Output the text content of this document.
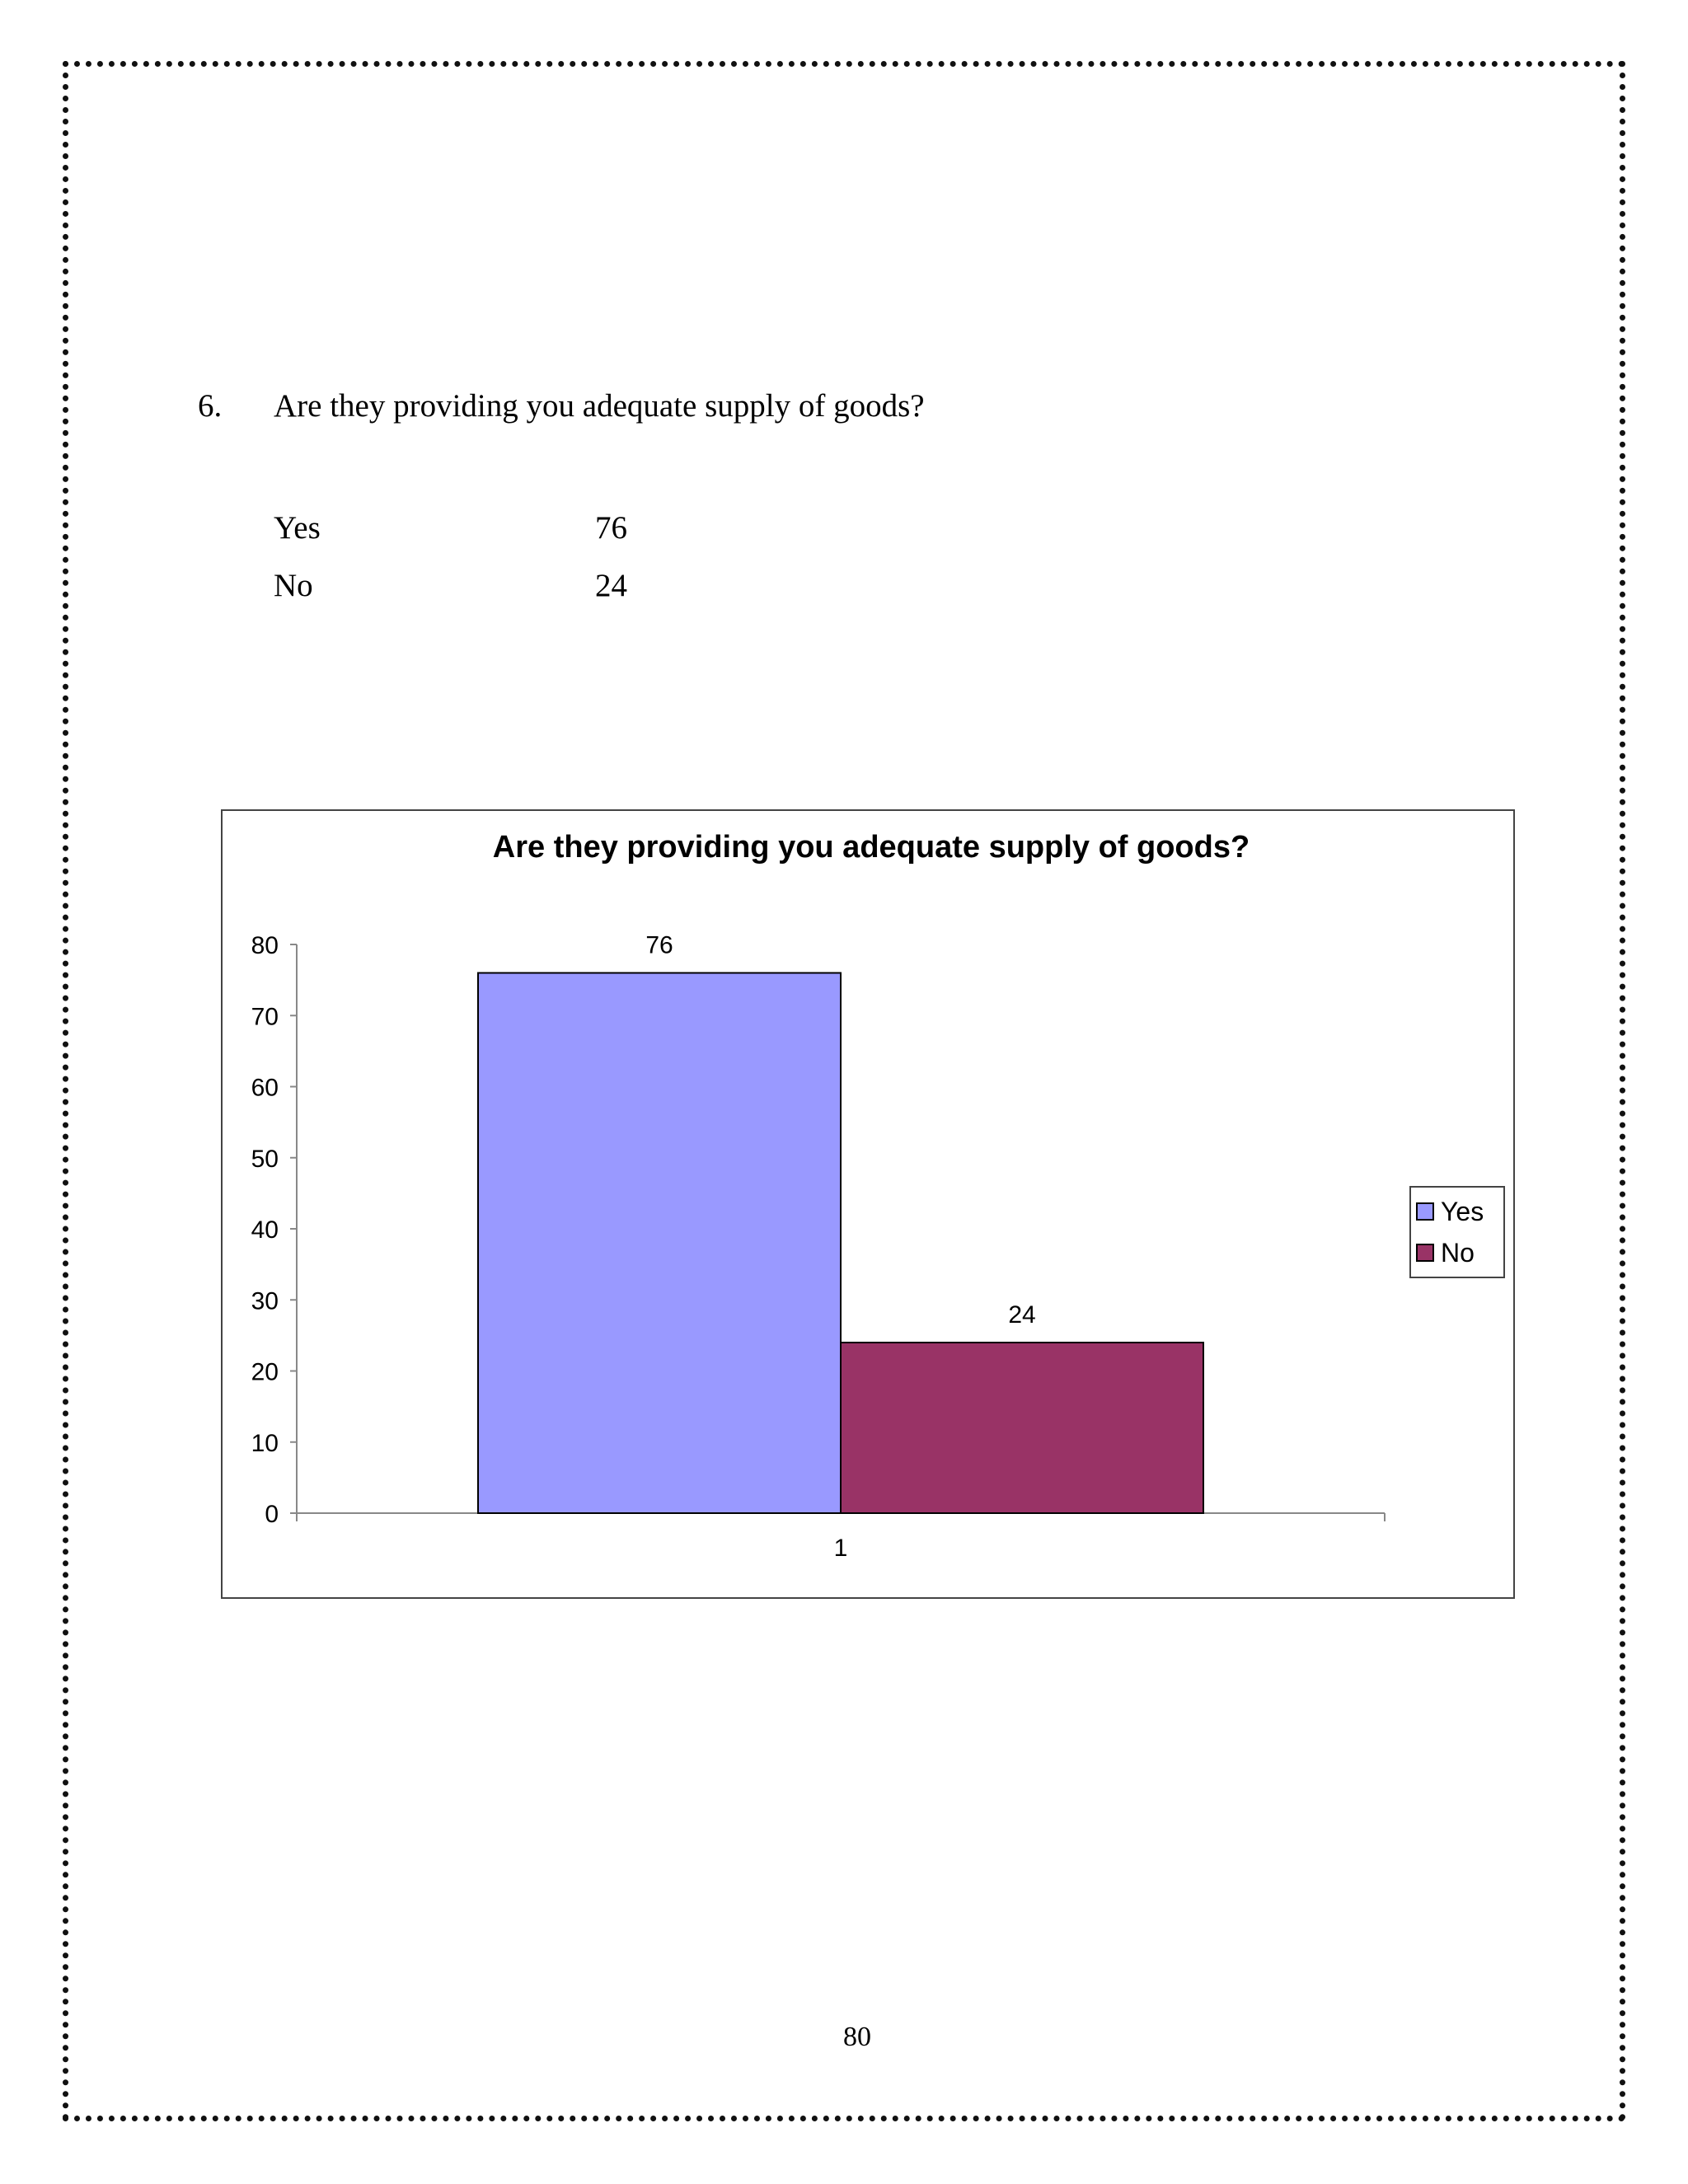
6.	Are they providing you adequate supply of goods?
Yes	76
No	24
Are they providing you adequate supply of goods?
0
10
20
30
40
50
60
70
80
1
76
24
Yes
No
80
